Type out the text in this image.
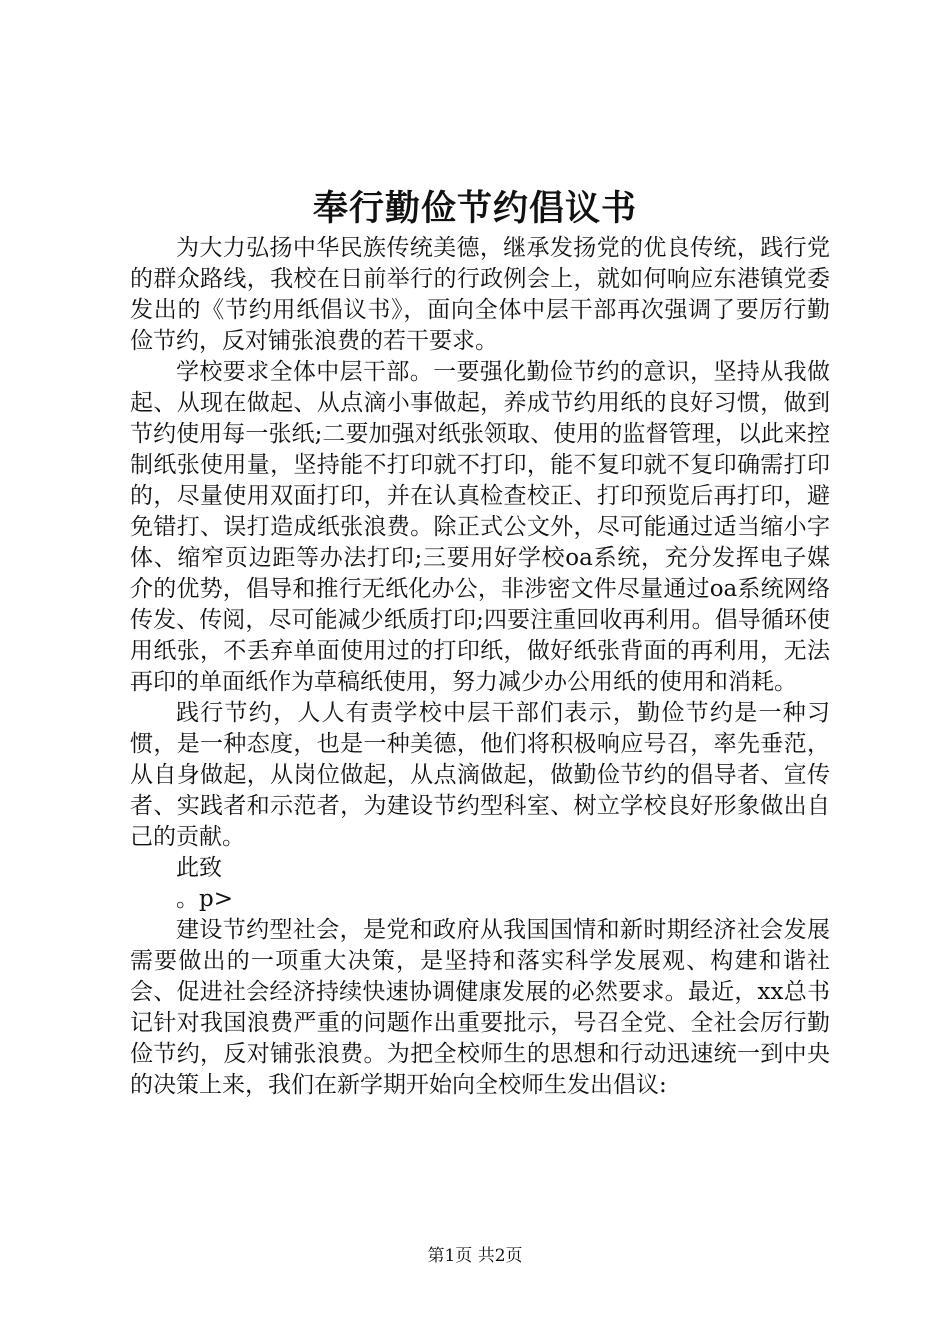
奉行勤俭节约倡议书

为大力弘扬中华民族传统美德，继承发扬党的优良传统，践行党的群众路线，我校在日前举行的行政例会上，就如何响应东港镇党委发出的《节约用纸倡议书》，面向全体中层干部再次强调了要厉行勤俭节约，反对铺张浪费的若干要求。

学校要求全体中层干部。一要强化勤俭节约的意识，坚持从我做起、从现在做起、从点滴小事做起，养成节约用纸的良好习惯，做到节约使用每一张纸;二要加强对纸张领取、使用的监督管理，以此来控制纸张使用量，坚持能不打印就不打印，能不复印就不复印确需打印的，尽量使用双面打印，并在认真检查校正、打印预览后再打印，避免错打、误打造成纸张浪费。除正式公文外，尽可能通过适当缩小字体、缩窄页边距等办法打印;三要用好学校oa系统，充分发挥电子媒介的优势，倡导和推行无纸化办公，非涉密文件尽量通过oa系统网络传发、传阅，尽可能减少纸质打印;四要注重回收再利用。倡导循环使用纸张，不丢弃单面使用过的打印纸，做好纸张背面的再利用，无法再印的单面纸作为草稿纸使用，努力减少办公用纸的使用和消耗。

践行节约，人人有责学校中层干部们表示，勤俭节约是一种习惯，是一种态度，也是一种美德，他们将积极响应号召，率先垂范，从自身做起，从岗位做起，从点滴做起，做勤俭节约的倡导者、宣传者、实践者和示范者，为建设节约型科室、树立学校良好形象做出自己的贡献。

此致

。p>

建设节约型社会，是党和政府从我国国情和新时期经济社会发展需要做出的一项重大决策，是坚持和落实科学发展观、构建和谐社会、促进社会经济持续快速协调健康发展的必然要求。最近，xx总书记针对我国浪费严重的问题作出重要批示，号召全党、全社会厉行勤俭节约，反对铺张浪费。为把全校师生的思想和行动迅速统一到中央的决策上来，我们在新学期开始向全校师生发出倡议:

第1页 共2页
